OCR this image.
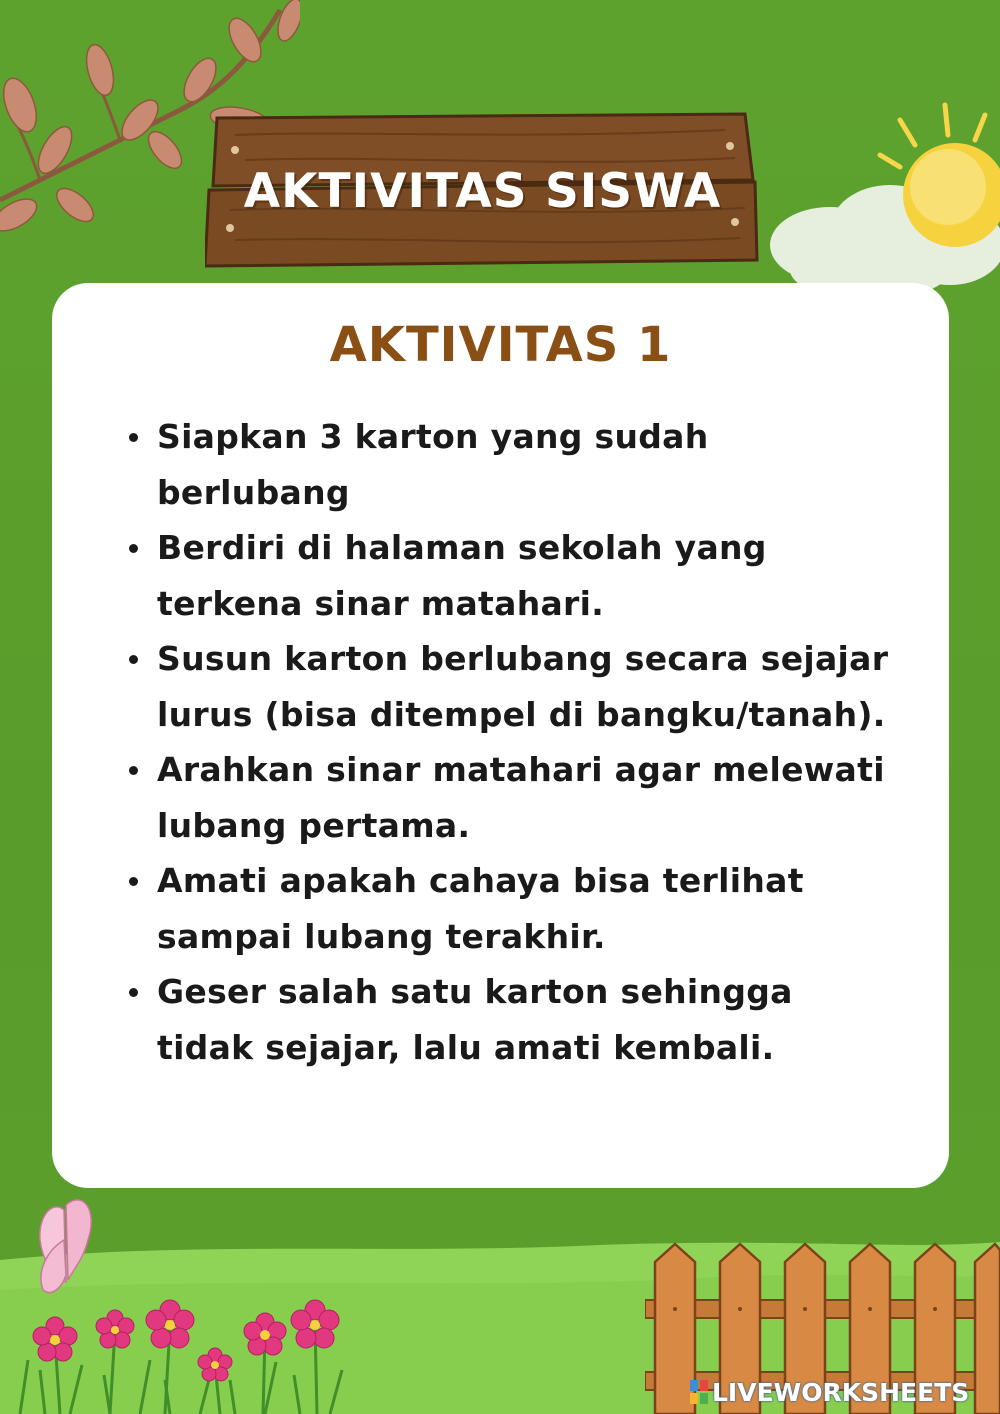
AKTIVITAS SISWA
AKTIVITAS 1
Siapkan 3 karton yang sudah
berlubang
Berdiri di halaman sekolah yang
terkena sinar matahari.
Susun karton berlubang secara sejajar
lurus (bisa ditempel di bangku/tanah).
Arahkan sinar matahari agar melewati
lubang pertama.
Amati apakah cahaya bisa terlihat
sampai lubang terakhir.
Geser salah satu karton sehingga
tidak sejajar, lalu amati kembali.
LIVEWORKSHEETS
